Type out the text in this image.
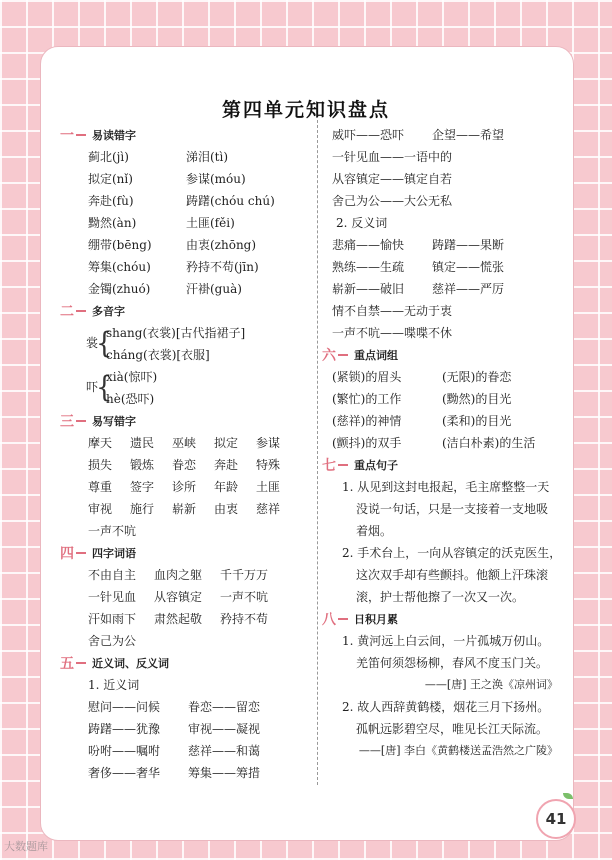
第四单元知识盘点
一 易读错字
蓟北(jì)	涕泪(tì)
拟定(nǐ)	参谋(móu)
奔赴(fù)	踌躇(chóu chú)
黝然(àn)	土匪(fěi)
绷带(bēng)	由衷(zhōng)
筹集(chóu)	矜持不苟(jīn)
金镯(zhuó)	汗褂(guà)
二 多音字
裳
{
shang(衣裳)[古代指裙子]
cháng(衣裳)[衣服]
吓
{
xià(惊吓)
hè(恐吓)
三 易写错字
摩天	遗民	巫峡	拟定	参谋
损失	锻炼	眷恋	奔赴	特殊
尊重	签字	诊所	年龄	土匪
审视	施行	崭新	由衷	慈祥
一声不吭
四 四字词语
不由自主	血肉之躯	千千万万
一针见血	从容镇定	一声不吭
汗如雨下	肃然起敬	矜持不苟
舍己为公
五 近义词、反义词
1. 近义词
慰问——问候	眷恋——留恋
踌躇——犹豫	审视——凝视
吩咐——嘱咐	慈祥——和蔼
奢侈——奢华	筹集——筹措
威吓——恐吓	企望——希望
一针见血——一语中的
从容镇定——镇定自若
舍己为公——大公无私
2. 反义词
悲痛——愉快	踌躇——果断
熟练——生疏	镇定——慌张
崭新——破旧	慈祥——严厉
情不自禁——无动于衷
一声不吭——喋喋不休
六 重点词组
(紧锁)的眉头	(无限)的眷恋
(繁忙)的工作	(黝然)的目光
(慈祥)的神情	(柔和)的目光
(颤抖)的双手	(洁白朴素)的生活
七 重点句子
1. 从见到这封电报起，毛主席整整一天
没说一句话，只是一支接着一支地吸
着烟。
2. 手术台上，一向从容镇定的沃克医生，
这次双手却有些颤抖。他额上汗珠滚
滚，护士帮他擦了一次又一次。
八 日积月累
1. 黄河远上白云间，一片孤城万仞山。
羌笛何须怨杨柳，春风不度玉门关。
——[唐] 王之涣《凉州词》
2. 故人西辞黄鹤楼，烟花三月下扬州。
孤帆远影碧空尽，唯见长江天际流。
——[唐] 李白《黄鹤楼送孟浩然之广陵》
41
大数题库
